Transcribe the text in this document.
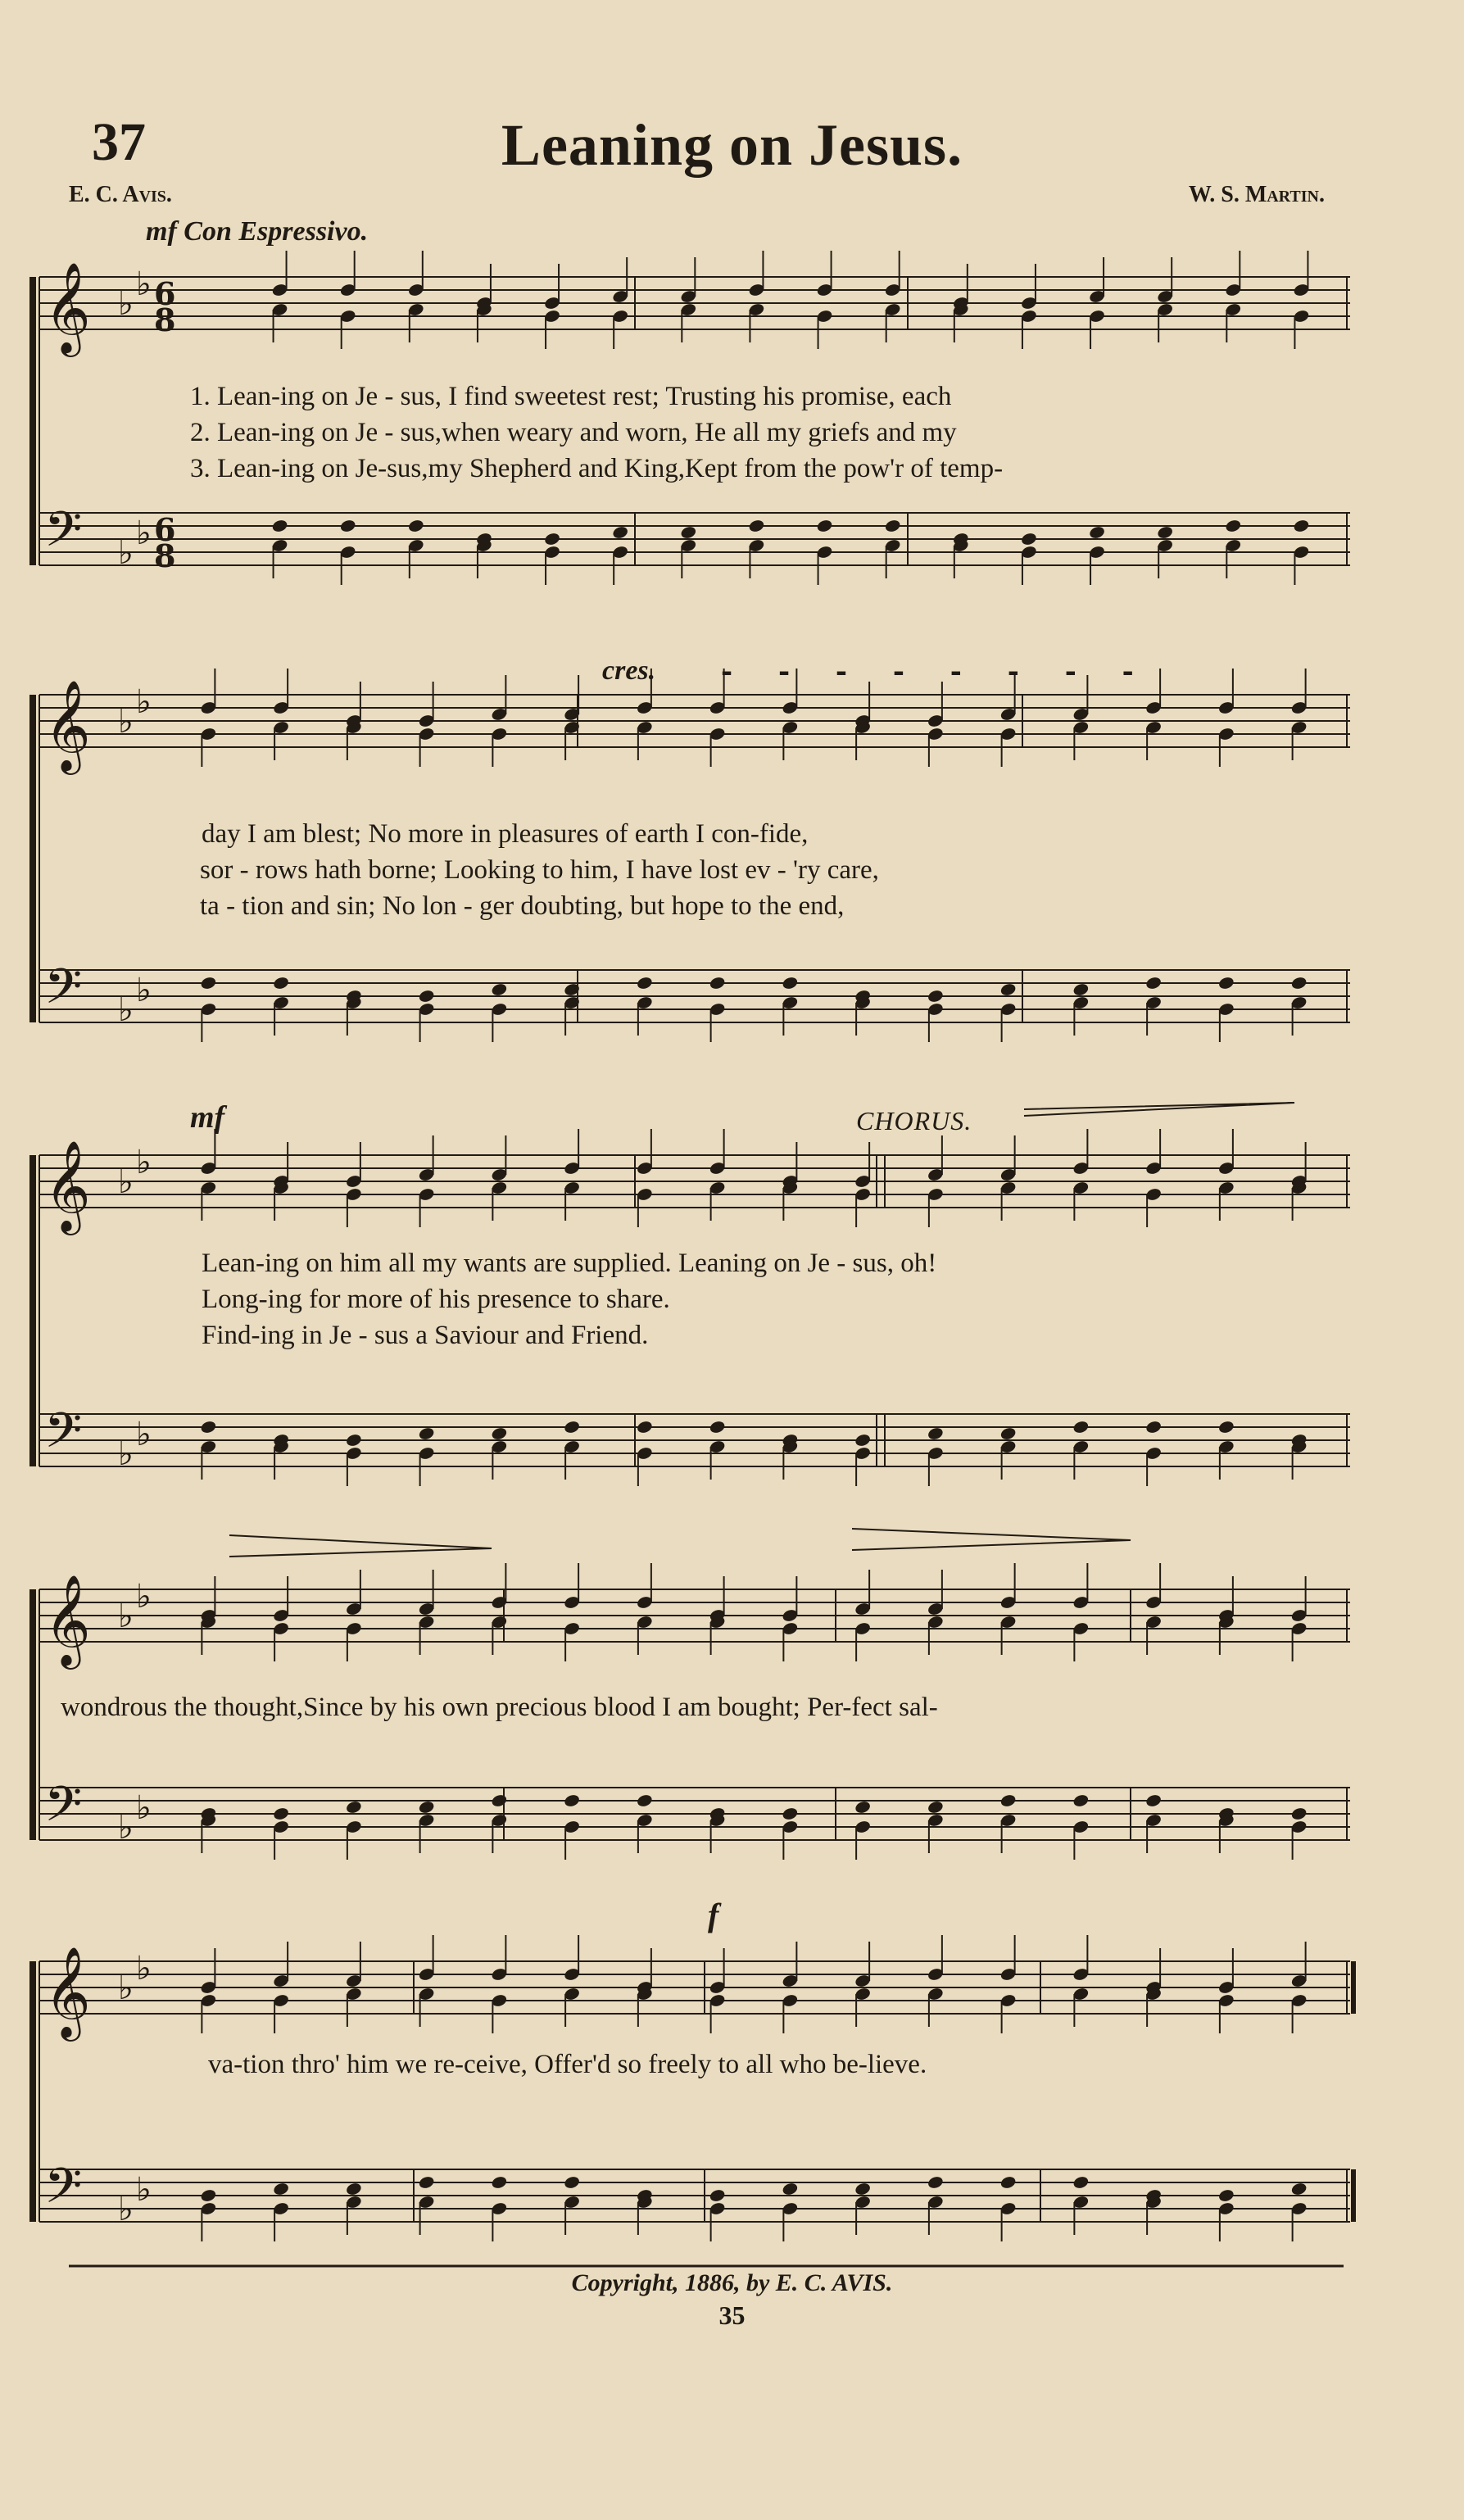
37	Leaning on Jesus.
E. C. Avis.	W. S. Martin.
mf Con Espressivo.
cres. - - - - - - - -
mf	CHORUS.
f
𝄞 ♭
♭ 6
8
𝄢 ♭
♭ 6
8
𝄞 ♭
♭
𝄢 ♭
♭
𝄞 ♭
♭
𝄢 ♭
♭
𝄞 ♭
♭
𝄢 ♭
♭
𝄞 ♭
♭
𝄢 ♭
♭
1. Lean-ing on Je - sus, I find sweetest rest; Trusting his promise, each
2. Lean-ing on Je - sus,when weary and worn, He all my griefs and my
3. Lean-ing on Je-sus,my Shepherd and King,Kept from the pow'r of temp-
day I am blest; No more in pleasures of earth I con-fide,
sor - rows hath borne; Looking to him, I have lost ev - 'ry care,
ta - tion and sin; No lon - ger doubting, but hope to the end,
Lean-ing on him all my wants are supplied. Leaning on Je - sus, oh!
Long-ing for more of his presence to share.
Find-ing in Je - sus a Saviour and Friend.
wondrous the thought,Since by his own precious blood I am bought; Per-fect sal-
va-tion thro' him we re-ceive, Offer'd so freely to all who be-lieve.
Copyright, 1886, by E. C. AVIS.
35
